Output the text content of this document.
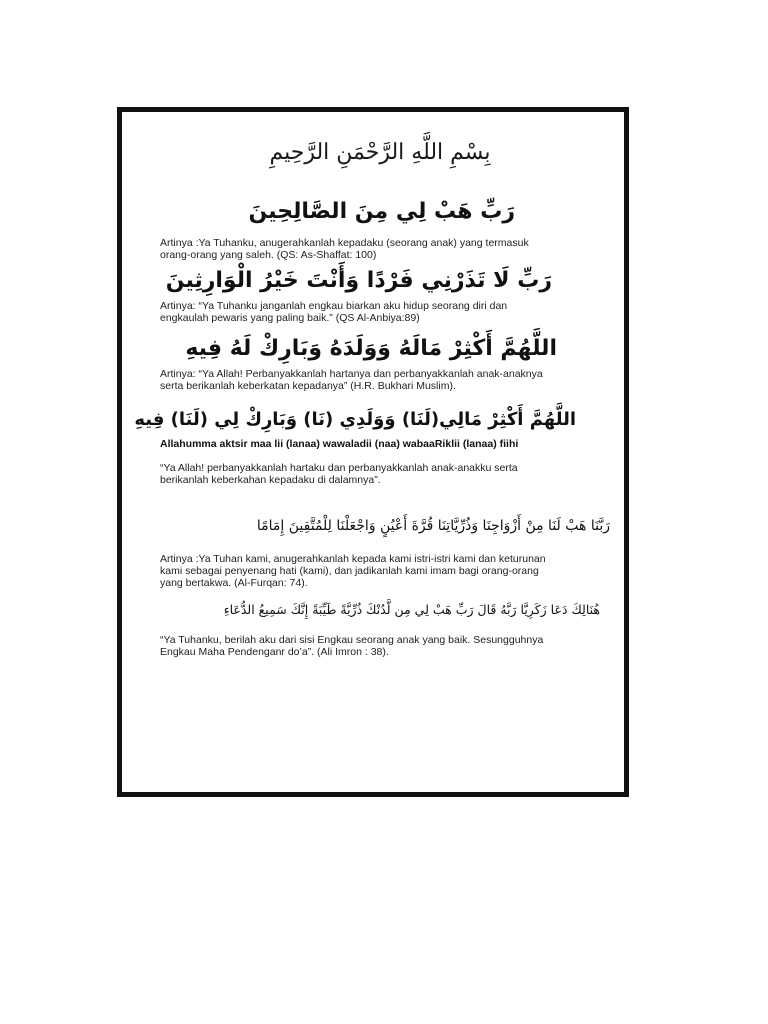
بِسْمِ اللَّهِ الرَّحْمَنِ الرَّحِيمِ
رَبِّ هَبْ لِي مِنَ الصَّالِحِينَ
Artinya :Ya Tuhanku, anugerahkanlah kepadaku (seorang anak) yang termasuk
orang-orang yang saleh. (QS: As-Shaffat: 100)
رَبِّ لَا تَذَرْنِي فَرْدًا وَأَنْتَ خَيْرُ الْوَارِثِينَ
Artinya: “Ya Tuhanku janganlah engkau biarkan aku hidup seorang diri dan
engkaulah pewaris yang paling baik.” (QS Al-Anbiya:89)
اللَّهُمَّ أَكْثِرْ مَالَهُ وَوَلَدَهُ وَبَارِكْ لَهُ فِيهِ
Artinya: “Ya Allah! Perbanyakkanlah hartanya dan perbanyakkanlah anak-anaknya
serta berikanlah keberkatan kepadanya” (H.R. Bukhari Muslim).
اللَّهُمَّ أَكْثِرْ مَالِي(لَنَا) وَوَلَدِي (نَا) وَبَارِكْ لِي (لَنَا) فِيهِ
Allahumma aktsir maa lii (lanaa) wawaladii (naa) wabaaRiklii (lanaa) fiihi
“Ya Allah! perbanyakkanlah hartaku dan perbanyakkanlah anak-anakku serta
berikanlah keberkahan kepadaku di dalamnya”.
رَبَّنَا هَبْ لَنَا مِنْ أَزْوَاجِنَا وَذُرِّيَّاتِنَا قُرَّةَ أَعْيُنٍ وَاجْعَلْنَا لِلْمُتَّقِينَ إِمَامًا
Artinya :Ya Tuhan kami, anugerahkanlah kepada kami istri-istri kami dan keturunan
kami sebagai penyenang hati (kami), dan jadikanlah kami imam bagi orang-orang
yang bertakwa. (Al-Furqan: 74).
هُنَالِكَ دَعَا زَكَرِيَّا رَبَّهُ قَالَ رَبِّ هَبْ لِي مِن لَّدُنْكَ ذُرِّيَّةً طَيِّبَةً إِنَّكَ سَمِيعُ الدُّعَاءِ
“Ya Tuhanku, berilah aku dari sisi Engkau seorang anak yang baik. Sesungguhnya
Engkau Maha Pendenganr do’a”. (Ali Imron : 38).
